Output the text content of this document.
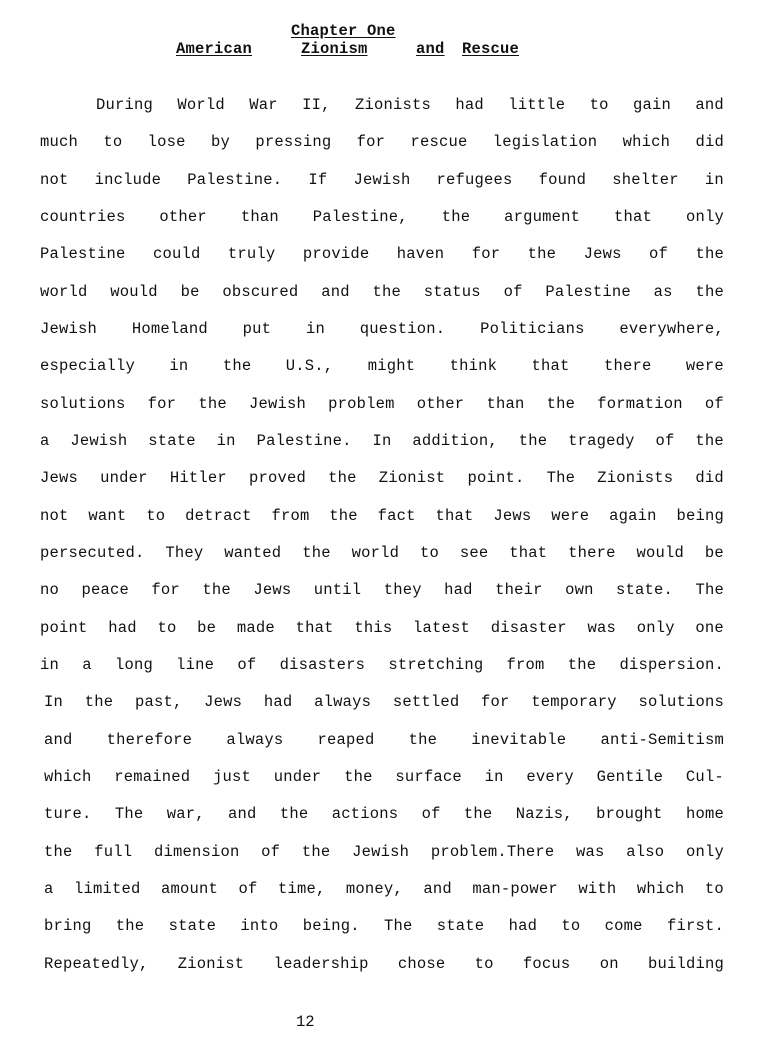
Chapter One
American	Zionism	and Rescue
During World War II, Zionists had little to gain and
much to lose by pressing for rescue legislation which did
not include Palestine. If Jewish refugees found shelter in
countries other than Palestine, the argument that only
Palestine could truly provide haven for the Jews of the
world would be obscured and the status of Palestine as the
Jewish Homeland put in question. Politicians everywhere,
especially in the U.S., might think that there were
solutions for the Jewish problem other than the formation of
a Jewish state in Palestine. In addition, the tragedy of the
Jews under Hitler proved the Zionist point. The Zionists did
not want to detract from the fact that Jews were again being
persecuted. They wanted the world to see that there would be
no peace for the Jews until they had their own state. The
point had to be made that this latest disaster was only one
in a long line of disasters stretching from the dispersion.
In the past, Jews had always settled for temporary solutions
and therefore always reaped the inevitable anti-Semitism
which remained just under the surface in every Gentile Cul-
ture. The war, and the actions of the Nazis, brought home
the full dimension of the Jewish problem.There was also only
a limited amount of time, money, and man-power with which to
bring the state into being. The state had to come first.
Repeatedly, Zionist leadership chose to focus on building
12
